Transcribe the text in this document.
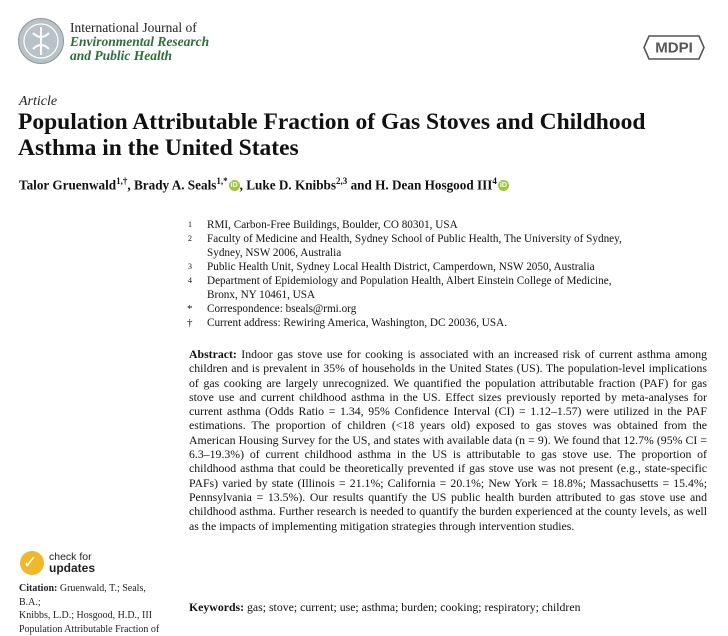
International Journal of
Environmental Research
and Public Health	MDPI
Article
Population Attributable Fraction of Gas Stoves and Childhood Asthma in the United States
Talor Gruenwald$^{1,\dagger}$, Brady A. Seals$^{1,*}$ iD , Luke D. Knibbs$^{2,3}$ and H. Dean Hosgood III$^4$ iD
1 RMI, Carbon-Free Buildings, Boulder, CO 80301, USA
2 Faculty of Medicine and Health, Sydney School of Public Health, The University of Sydney,
Sydney, NSW 2006, Australia
3 Public Health Unit, Sydney Local Health District, Camperdown, NSW 2050, Australia
4 Department of Epidemiology and Population Health, Albert Einstein College of Medicine,
Bronx, NY 10461, USA
* Correspondence: bseals@rmi.org
† Current address: Rewiring America, Washington, DC 20036, USA.
Abstract: Indoor gas stove use for cooking is associated with an increased risk of current asthma among children and is prevalent in 35% of households in the United States (US). The population-level implications of gas cooking are largely unrecognized. We quantified the population attributable fraction (PAF) for gas stove use and current childhood asthma in the US. Effect sizes previously reported by meta-analyses for current asthma (Odds Ratio = 1.34, 95% Confidence Interval (CI) = 1.12–1.57) were utilized in the PAF estimations. The proportion of children (<18 years old) exposed to gas stoves was obtained from the American Housing Survey for the US, and states with available data (n = 9). We found that 12.7% (95% CI = 6.3–19.3%) of current childhood asthma in the US is attributable to gas stove use. The proportion of childhood asthma that could be theoretically prevented if gas stove use was not present (e.g., state-specific PAFs) varied by state (Illinois = 21.1%; California = 20.1%; New York = 18.8%; Massachusetts = 15.4%; Pennsylvania = 13.5%). Our results quantify the US public health burden attributed to gas stove use and childhood asthma. Further research is needed to quantify the burden experienced at the county levels, as well as the impacts of implementing mitigation strategies through intervention studies.
Keywords: gas; stove; current; use; asthma; burden; cooking; respiratory; children
✓ check for
updates
Citation: Gruenwald, T.; Seals, B.A.;
Knibbs, L.D.; Hosgood, H.D., III
Population Attributable Fraction of
